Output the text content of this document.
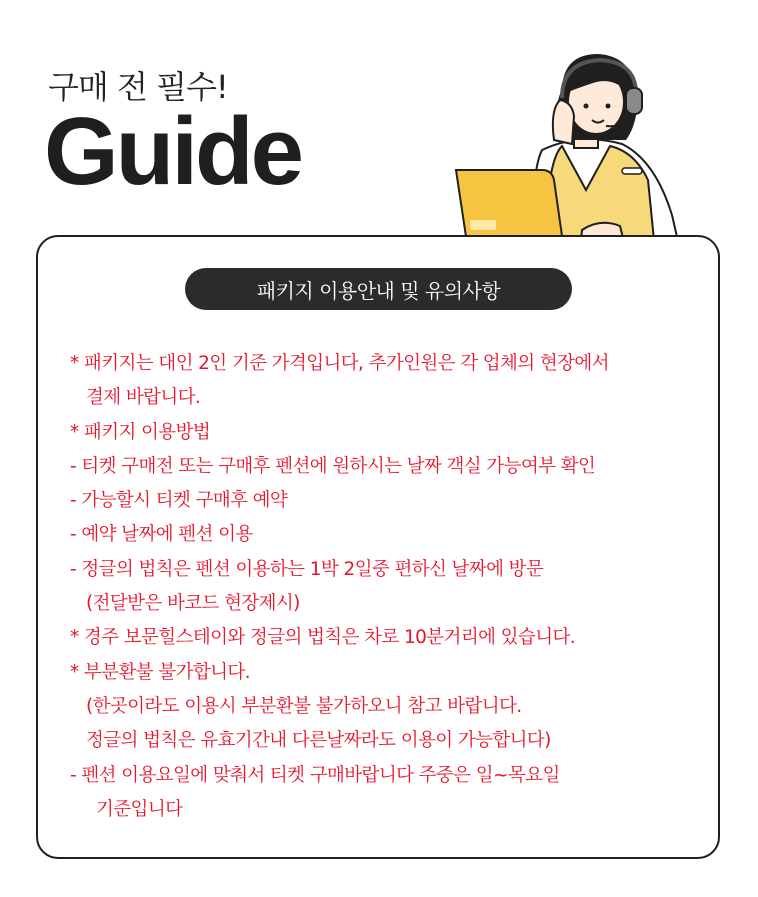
구매 전 필수!
Guide
패키지 이용안내 및 유의사항
* 패키지는 대인 2인 기준 가격입니다, 추가인원은 각 업체의 현장에서
결제 바랍니다.
* 패키지 이용방법
- 티켓 구매전 또는 구매후 펜션에 원하시는 날짜 객실 가능여부 확인
- 가능할시 티켓 구매후 예약
- 예약 날짜에 펜션 이용
- 정글의 법칙은 펜션 이용하는 1박 2일중 편하신 날짜에 방문
(전달받은 바코드 현장제시)
* 경주 보문힐스테이와 정글의 법칙은 차로 10분거리에 있습니다.
* 부분환불 불가합니다.
(한곳이라도 이용시 부분환불 불가하오니 참고 바랍니다.
정글의 법칙은 유효기간내 다른날짜라도 이용이 가능합니다)
- 펜션 이용요일에 맞춰서 티켓 구매바랍니다 주중은 일~목요일
기준입니다
